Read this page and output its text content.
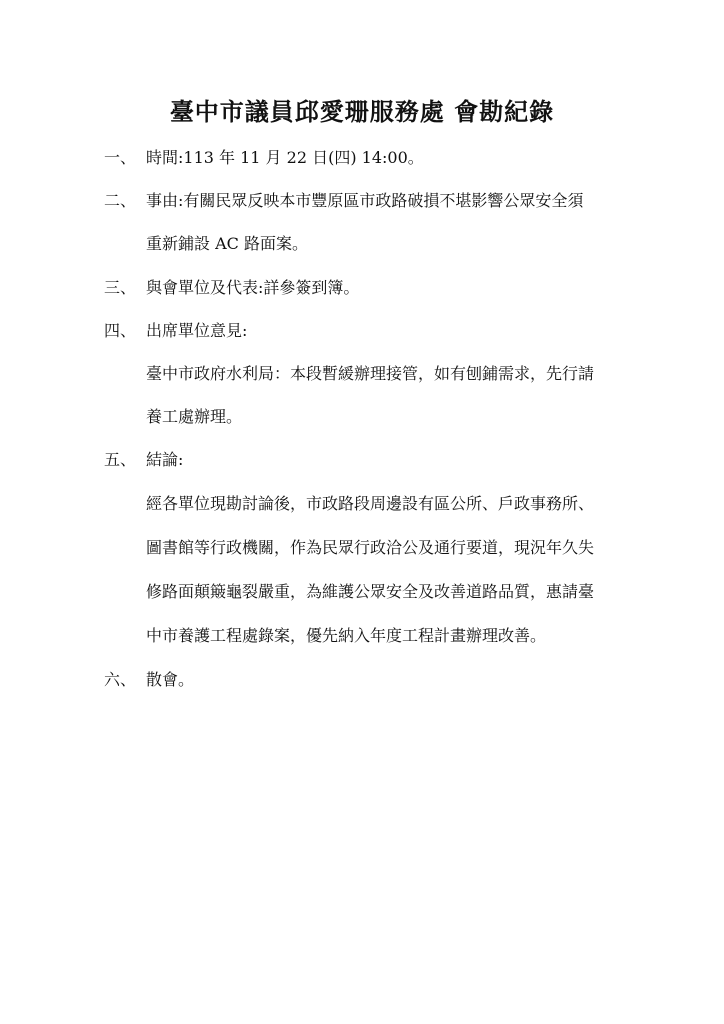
臺中市議員邱愛珊服務處 會勘紀錄
一、 時間:113 年 11 月 22 日(四) 14:00。
二、 事由:有關民眾反映本市豐原區市政路破損不堪影響公眾安全須
重新鋪設 AC 路面案。
三、 與會單位及代表:詳參簽到簿。
四、 出席單位意見:
臺中市政府水利局：本段暫緩辦理接管，如有刨鋪需求，先行請
養工處辦理。
五、 結論:
經各單位現勘討論後，市政路段周邊設有區公所、戶政事務所、
圖書館等行政機關，作為民眾行政洽公及通行要道，現況年久失
修路面顛簸龜裂嚴重，為維護公眾安全及改善道路品質，惠請臺
中市養護工程處錄案，優先納入年度工程計畫辦理改善。
六、 散會。
